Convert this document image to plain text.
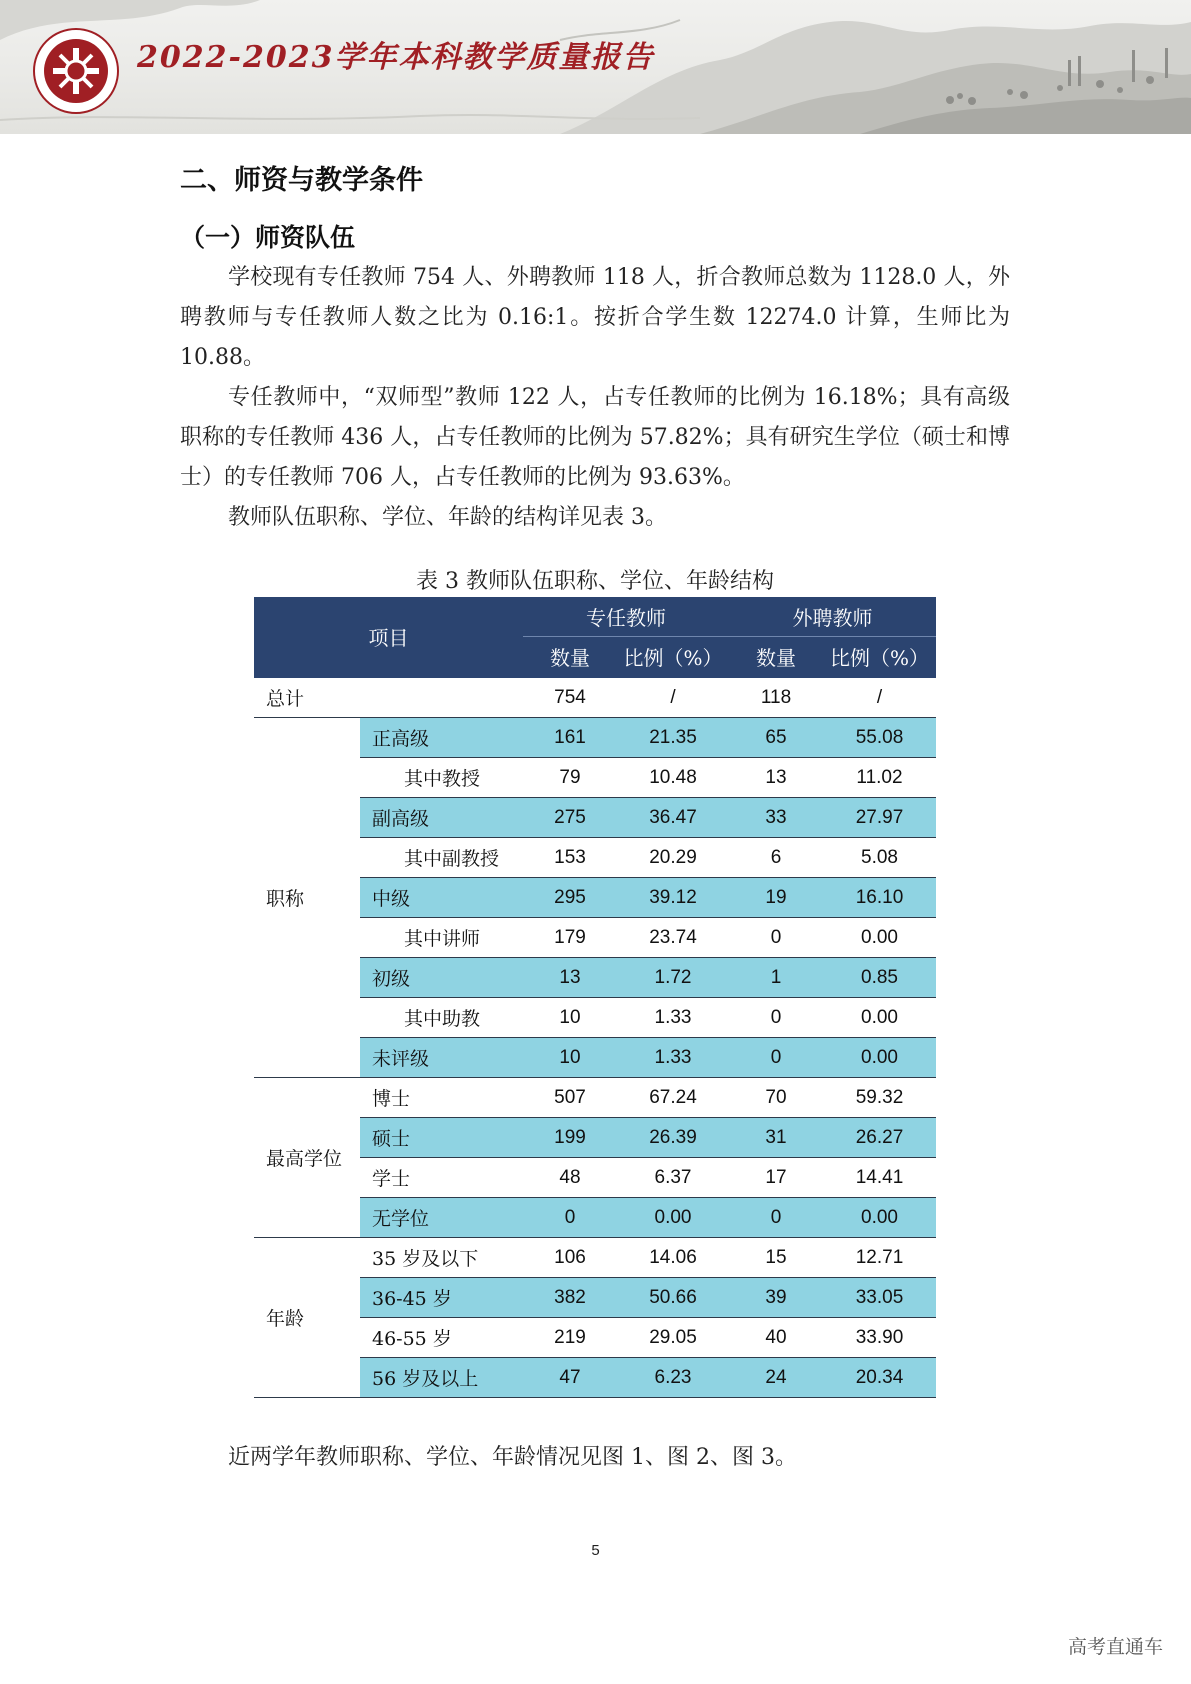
2022-2023学年本科教学质量报告
二、师资与教学条件
（一）师资队伍
学校现有专任教师 754 人、外聘教师 118 人，折合教师总数为 1128.0 人，外聘教师与专任教师人数之比为 0.16:1。按折合学生数 12274.0 计算，生师比为 10.88。
专任教师中，“双师型”教师 122 人，占专任教师的比例为 16.18%；具有高级职称的专任教师 436 人，占专任教师的比例为 57.82%；具有研究生学位（硕士和博士）的专任教师 706 人，占专任教师的比例为 93.63%。
教师队伍职称、学位、年龄的结构详见表 3。
表 3 教师队伍职称、学位、年龄结构
项目		专任教师		外聘教师	
		数量	比例（%）	数量	比例（%）
总计		754	/	118	/
职称	正高级	161	21.35	65	55.08
	其中教授	79	10.48	13	11.02
	副高级	275	36.47	33	27.97
	其中副教授	153	20.29	6	5.08
	中级	295	39.12	19	16.10
	其中讲师	179	23.74	0	0.00
	初级	13	1.72	1	0.85
	其中助教	10	1.33	0	0.00
	未评级	10	1.33	0	0.00
最高学位	博士	507	67.24	70	59.32
	硕士	199	26.39	31	26.27
	学士	48	6.37	17	14.41
	无学位	0	0.00	0	0.00
年龄	35 岁及以下	106	14.06	15	12.71
	36-45 岁	382	50.66	39	33.05
	46-55 岁	219	29.05	40	33.90
	56 岁及以上	47	6.23	24	20.34
近两学年教师职称、学位、年龄情况见图 1、图 2、图 3。
5
高考直通车
